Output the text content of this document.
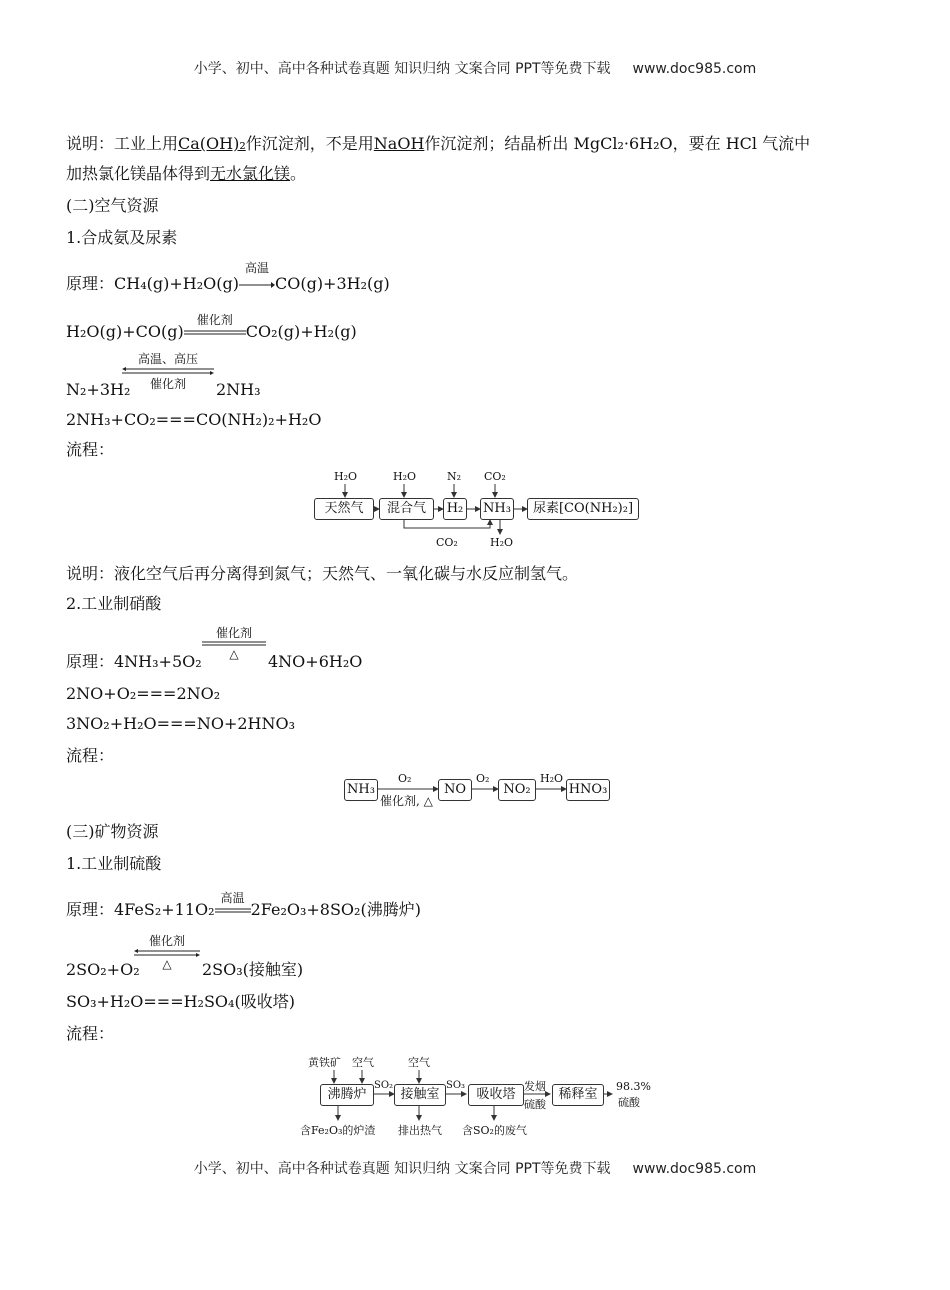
小学、初中、高中各种试卷真题 知识归纳 文案合同 PPT等免费下载 www.doc985.com
说明：工业上用Ca(OH)₂作沉淀剂，不是用NaOH作沉淀剂；结晶析出 MgCl₂·6H₂O，要在 HCl 气流中
加热氯化镁晶体得到无水氯化镁。
(二)空气资源
1.合成氨及尿素
原理：CH₄(g)+H₂O(g)
高温
CO(g)+3H₂(g)
H₂O(g)+CO(g)
催化剂
CO₂(g)+H₂(g)
N₂+3H₂
高温、高压
催化剂	2NH₃
2NH₃+CO₂===CO(NH₂)₂+H₂O
流程：
H₂O	H₂O	N₂ CO₂
天然气	混合气	H₂ NH₃	尿素[CO(NH₂)₂]
CO₂	H₂O
说明：液化空气后再分离得到氮气；天然气、一氧化碳与水反应制氢气。
2.工业制硝酸
原理：4NH₃+5O₂
催化剂
△	4NO+6H₂O
2NO+O₂===2NO₂
3NO₂+H₂O===NO+2HNO₃
流程：
NH₃	NO	NO₂	HNO₃
O₂	O₂	H₂O
催化剂, △
(三)矿物资源
1.工业制硫酸
原理：4FeS₂+11O₂
高温
2Fe₂O₃+8SO₂(沸腾炉)
2SO₂+O₂
催化剂
△	2SO₃(接触室)
SO₃+H₂O===H₂SO₄(吸收塔)
流程：
黄铁矿 空气	空气
沸腾炉	接触室	吸收塔	稀释室
SO₂	SO₃	发烟
硫酸
98.3%
硫酸
含Fe₂O₃的炉渣 排出热气 含SO₂的废气
小学、初中、高中各种试卷真题 知识归纳 文案合同 PPT等免费下载 www.doc985.com
